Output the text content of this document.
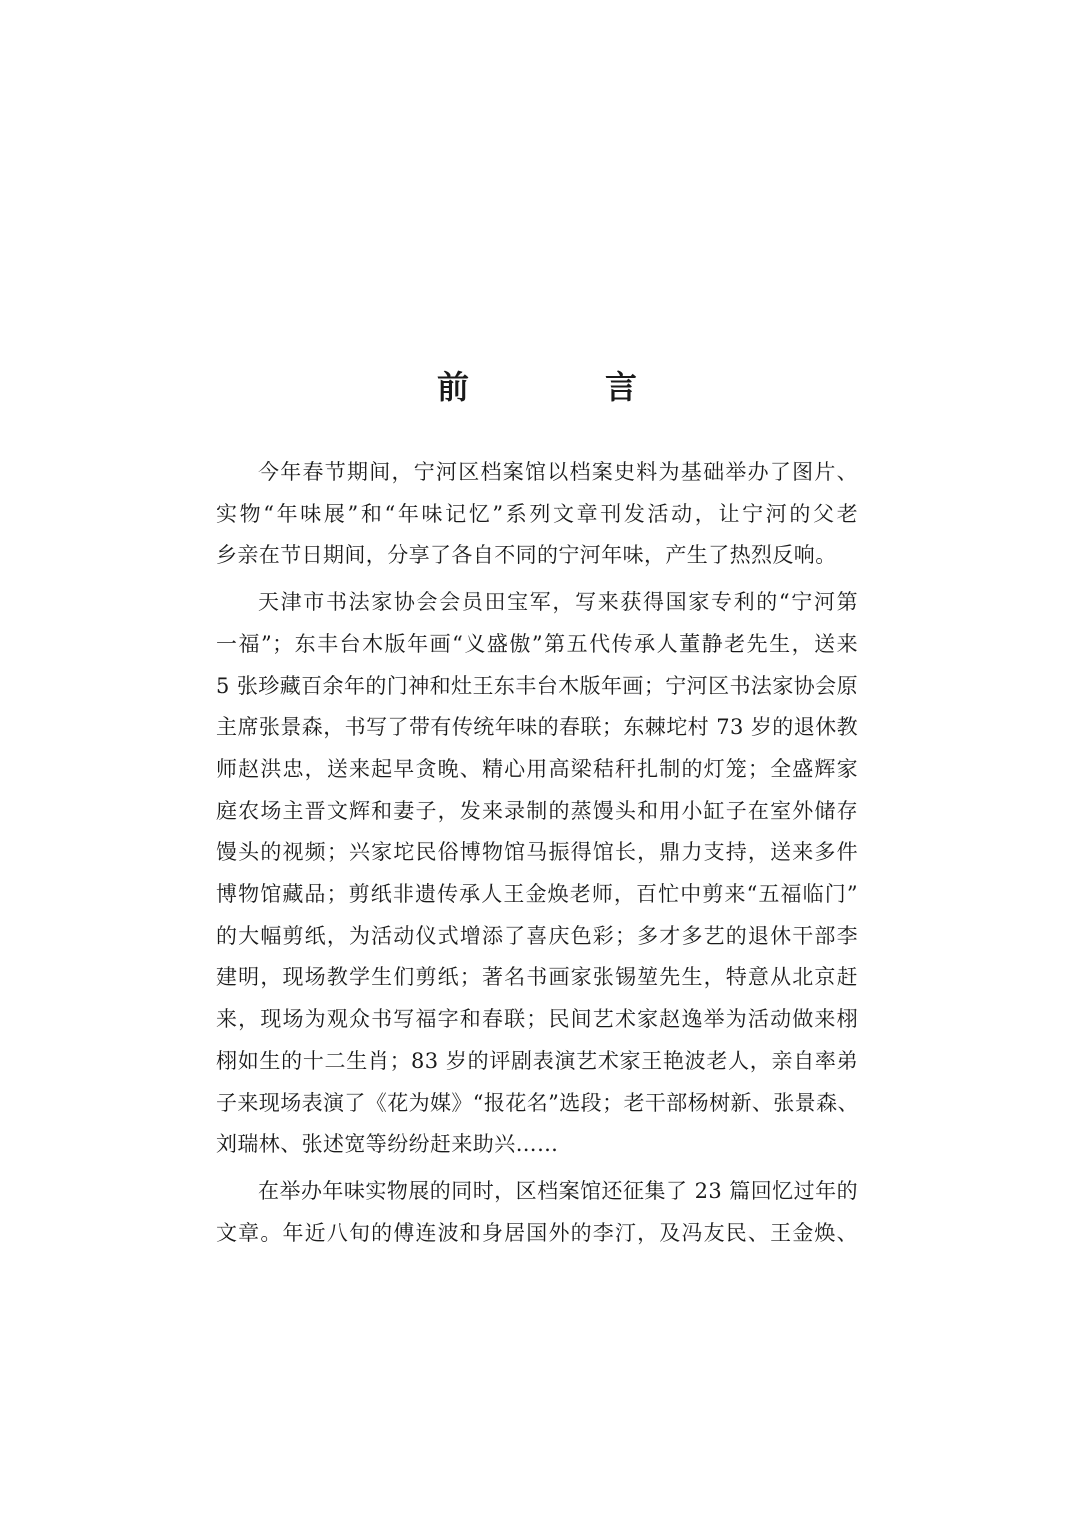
前　言

今年春节期间，宁河区档案馆以档案史料为基础举办了图片、
实物“年味展”和“年味记忆”系列文章刊发活动，让宁河的父老
乡亲在节日期间，分享了各自不同的宁河年味，产生了热烈反响。

天津市书法家协会会员田宝军，写来获得国家专利的“宁河第
一福”；东丰台木版年画“义盛傲”第五代传承人董静老先生，送来
5 张珍藏百余年的门神和灶王东丰台木版年画；宁河区书法家协会原
主席张景森，书写了带有传统年味的春联；东棘坨村 73 岁的退休教
师赵洪忠，送来起早贪晚、精心用高梁秸秆扎制的灯笼；全盛辉家
庭农场主晋文辉和妻子，发来录制的蒸馒头和用小缸子在室外储存
馒头的视频；兴家坨民俗博物馆马振得馆长，鼎力支持，送来多件
博物馆藏品；剪纸非遗传承人王金焕老师，百忙中剪来“五福临门”
的大幅剪纸，为活动仪式增添了喜庆色彩；多才多艺的退休干部李
建明，现场教学生们剪纸；著名书画家张锡堃先生，特意从北京赶
来，现场为观众书写福字和春联；民间艺术家赵逸举为活动做来栩
栩如生的十二生肖；83 岁的评剧表演艺术家王艳波老人，亲自率弟
子来现场表演了《花为媒》“报花名”选段；老干部杨树新、张景森、
刘瑞林、张述宽等纷纷赶来助兴……

在举办年味实物展的同时，区档案馆还征集了 23 篇回忆过年的
文章。年近八旬的傅连波和身居国外的李汀，及冯友民、王金焕、
